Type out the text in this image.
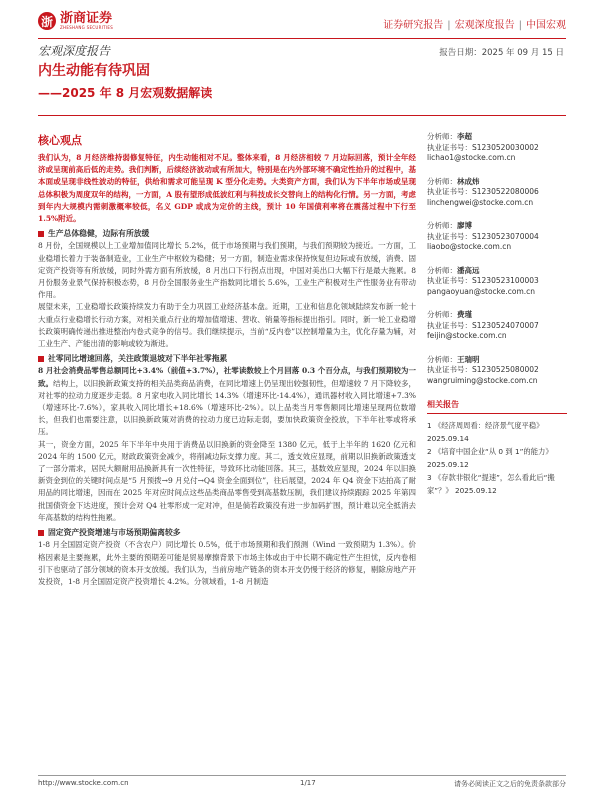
浙 浙商证券
ZHESHANG SECURITIES	证券研究报告 | 宏观深度报告 | 中国宏观
宏观深度报告	报告日期：2025 年 09 月 15 日
内生动能有待巩固
——2025 年 8 月宏观数据解读
核心观点

我们认为，8 月经济维持弱修复特征，内生动能相对不足。整体来看，8 月经济相较 7 月边际回落，预计全年经济或呈现前高后低的走势。我们判断，后续经济波动或有所加大，特别是在内外部环境不确定性抬升的过程中，基本面或呈现非线性波动的特征，供给和需求可能呈现 K 型分化走势。大类资产方面，我们认为下半年市场或呈现总体积极为周度双年的结构，一方面，A 股有望形成低波红利与科技成长交替向上的结构化行情。另一方面，考虑到年内大规模内需刺激概率较低，名义 GDP 或成为定价的主线，预计 10 年国债利率将在震荡过程中下行至 1.5%附近。

生产总体稳健，边际有所放缓

8 月份，全国规模以上工业增加值同比增长 5.2%，低于市场预期与我们预期，与我们预期较为接近。一方面，工业稳增长着力于装备制造业，工业生产中枢较为稳健；另一方面，制造业需求保持恢复但边际或有放缓，消费、固定资产投资等有所放缓，同时外需方面有所放缓，8 月出口下行拐点出现，中国对美出口大幅下行是最大拖累。8 月份服务业景气保持积极态势，8 月份全国服务业生产指数同比增长 5.6%，工业生产积极对生产性服务业有带动作用。

展望未来，工业稳增长政策持续发力有助于全力巩固工业经济基本盘。近期，工业和信息化领域陆续发布新一轮十大重点行业稳增长行动方案，对相关重点行业的增加值增速、营收、销量等指标提出指引。同时，新一轮工业稳增长政策明确传递出推进整治内卷式竞争的信号。我们继续提示，当前“反内卷”以控制增量为主，优化存量为辅，对工业生产、产能出清的影响或较为渐进。

社零同比增速回落，关注政策退坡对下半年社零拖累

8 月社会消费品零售总额同比+3.4%（前值+3.7%），社零读数较上个月回落 0.3 个百分点，与我们预期较为一致。结构上，以旧换新政策支持的相关品类商品消费，在同比增速上仍呈现出较强韧性，但增速较 7 月下降较多，对社零的拉动力度逐步走弱。8 月家电收入同比增长 14.3%（增速环比-14.4%），通讯器材收入同比增速+7.3%（增速环比-7.6%），家具收入同比增长+18.6%（增速环比-2%）。以上品类当月零售额同比增速呈现两位数增长，但我们也需要注意，以旧换新政策对消费的拉动力度已边际走弱，要加快政策资金投放，下半年社零或将承压。

其一，资金方面，2025 年下半年中央用于消费品以旧换新的资金降至 1380 亿元，低于上半年的 1620 亿元和 2024 年的 1500 亿元，财政政策资金减少，将削减边际支撑力度。其二，透支效应显现，前期以旧换新政策透支了一部分需求，居民大额耐用品换新具有一次性特征，导致环比动能回落。其三，基数效应显现，2024 年以旧换新资金到位的关键时间点是“5 月预拨→9 月兑付→Q4 资金全面到位”，往后展望，2024 年 Q4 资金下达拍高了耐用品的同比增速，因而在 2025 年对应时间点这些品类商品零售受到高基数压制，我们建议持续跟踪 2025 年第四批国债资金下达进度，预计会对 Q4 社零形成一定对冲，但是倘若政策没有进一步加码扩围，预计难以完全抵消去年高基数的结构性拖累。

固定资产投资增速与市场预期偏离较多

1-8 月全国固定资产投资（不含农户）同比增长 0.5%，低于市场预期和我们预测（Wind 一致预期为 1.3%）。价格因素是主要拖累，此外主要的预期差可能是贸易摩擦背景下市场主体或由于中长期不确定性产生担忧，反内卷相引下也驱动了部分领域的资本开支放缓。我们认为，当前房地产链条的资本开支仍慢于经济的修复，剔除房地产开发投资，1-8 月全国固定资产投资增长 4.2%。分领域看，1-8 月制造

分析师：李超
执业证书号：S1230520030002
lichao1@stocke.com.cn
分析师：林成炜
执业证书号：S1230522080006
linchengwei@stocke.com.cn
分析师：廖博
执业证书号：S1230523070004
liaobo@stocke.com.cn
分析师：潘高远
执业证书号：S1230523100003
pangaoyuan@stocke.com.cn
分析师：费瑾
执业证书号：S1230524070007
feijin@stocke.com.cn
分析师：王瑞明
执业证书号：S1230525080002
wangruiming@stocke.com.cn
相关报告
1 《经济周周看：经济景气度平稳》 2025.09.14
2 《培育中国企业“从 0 到 1”的能力》 2025.09.12
3 《存款非银化“提速”，怎么看此后“搬家”？》 2025.09.12
http://www.stocke.com.cn	1/17	请务必阅读正文之后的免责条款部分
